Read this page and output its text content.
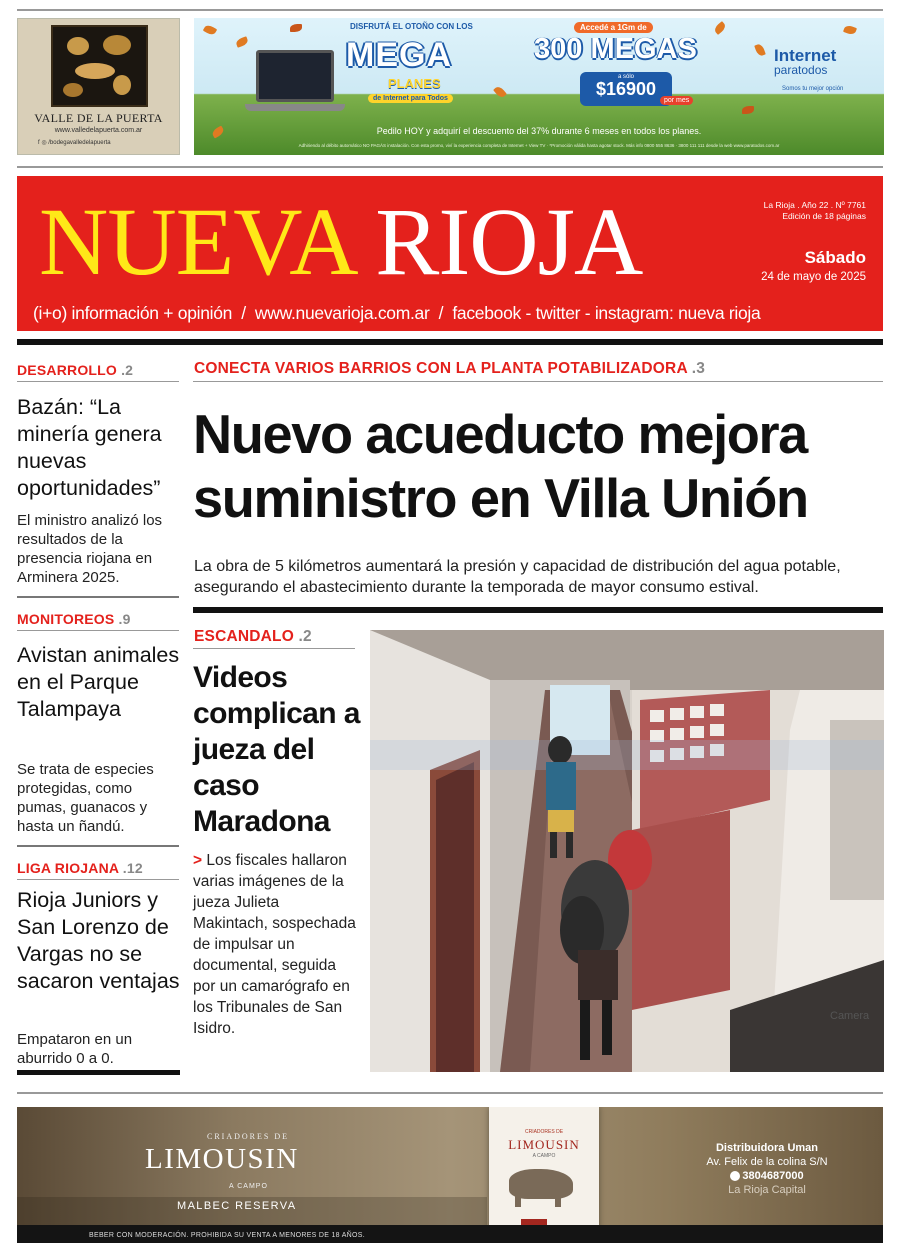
VALLE DE LA PUERTA
www.valledelapuerta.com.ar
f ◎ /bodegavalledelapuerta
DISFRUTÁ EL OTOÑO CON LOS
MEGA
PLANES
de Internet para Todos
Accedé a 1Gm de
300 MEGAS
a sólo
$16900
por mes
Internet
paratodos
Somos tu mejor opción
Pedilo HOY y adquirí el descuento del 37% durante 6 meses en todos los planes.
Adhiriendo al débito automático NO PAGÁS instalación. Con esta promo, viví la experiencia completa de Internet + View TV · *Promoción válida hasta agotar stock. Más info 0800 555 8636 · 3800 111 111 desde la web www.paratodos.com.ar
NUEVA RIOJA	La Rioja . Año 22 . Nº 7761
Edición de 18 páginas
Sábado
24 de mayo de 2025
(i+o) información + opinión  /  www.nuevarioja.com.ar  /  facebook - twitter - instagram: nueva rioja
DESARROLLO .2
Bazán: “La minería genera nuevas oportunidades”
El ministro analizó los resultados de la presencia riojana en Arminera 2025.
MONITOREOS .9
Avistan animales en el Parque Talampaya
Se trata de especies protegidas, como pumas, guanacos y hasta un ñandú.
LIGA RIOJANA .12
Rioja Juniors y San Lorenzo de Vargas no se sacaron ventajas
Empataron en un aburrido 0 a 0.
CONECTA VARIOS BARRIOS CON LA PLANTA POTABILIZADORA .3
Nuevo acueducto mejora suministro en Villa Unión
La obra de 5 kilómetros aumentará la presión y capacidad de distribución del agua potable, asegurando el abastecimiento durante la temporada de mayor consumo estival.
ESCANDALO .2
Videos complican a jueza del caso Maradona
> Los fiscales hallaron varias imágenes de la jueza Julieta Makintach, sospechada de impulsar un documental, seguida por un camarógrafo en los Tribunales de San Isidro.
Camera
CRIADORES DE
LIMOUSIN
A CAMPO
MALBEC RESERVA
CRIADORES DE
LIMOUSIN
A CAMPO
Distribuidora Uman
Av. Felix de la colina S/N
3804687000
La Rioja Capital
BEBER CON MODERACIÓN. PROHIBIDA SU VENTA A MENORES DE 18 AÑOS.
